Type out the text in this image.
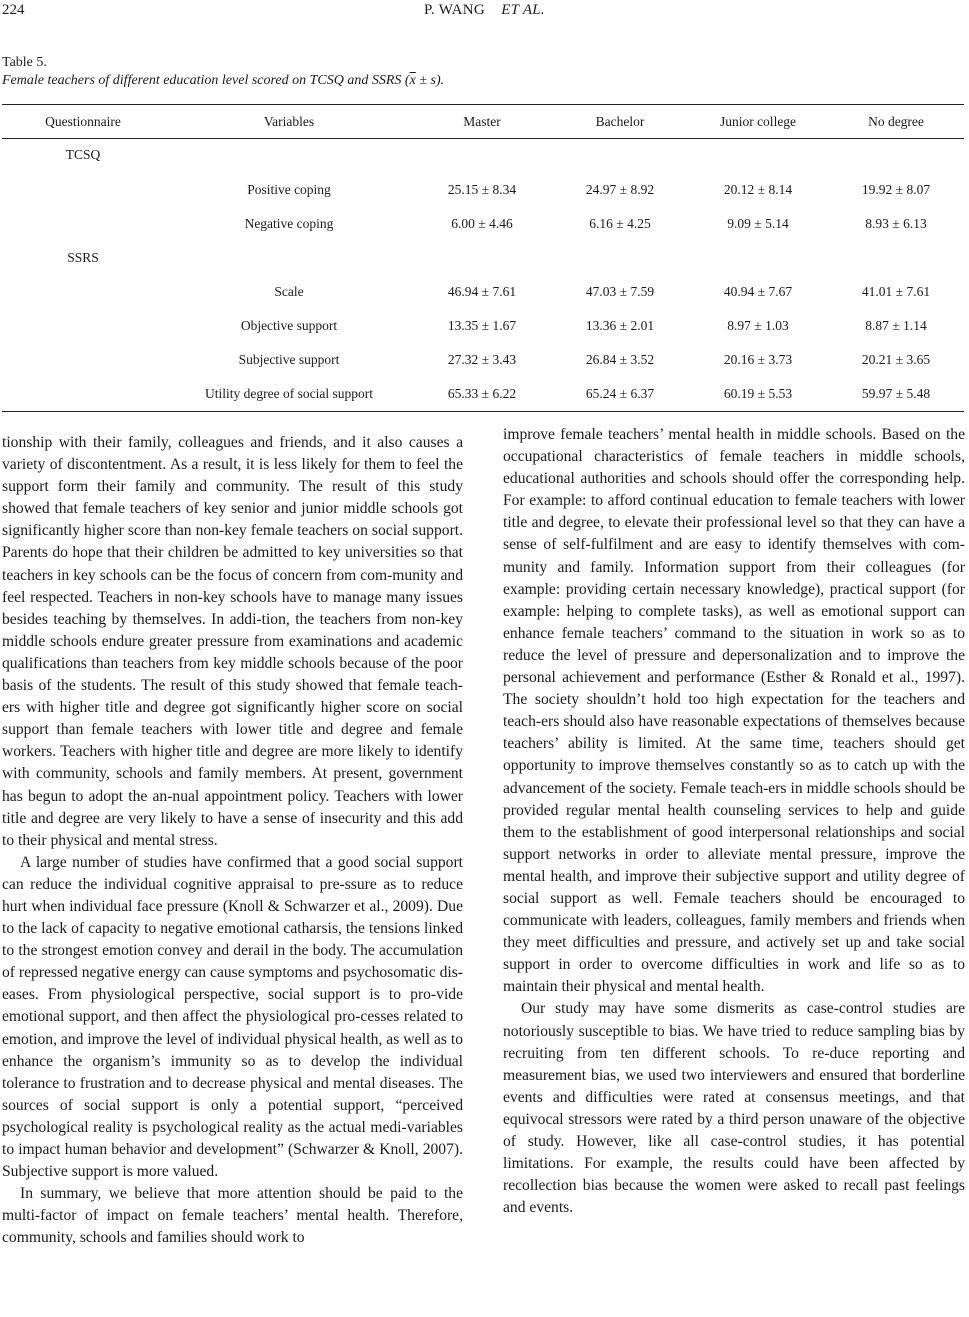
224	P. WANG ET AL.
Table 5.
Female teachers of different education level scored on TCSQ and SSRS $(\overline{x} \pm s)$.
Questionnaire	Variables	Master	Bachelor	Junior college	No degree
TCSQ
Positive coping	25.15 ± 8.34	24.97 ± 8.92	20.12 ± 8.14	19.92 ± 8.07
Negative coping	6.00 ± 4.46	6.16 ± 4.25	9.09 ± 5.14	8.93 ± 6.13
SSRS
Scale	46.94 ± 7.61	47.03 ± 7.59	40.94 ± 7.67	41.01 ± 7.61
Objective support	13.35 ± 1.67	13.36 ± 2.01	8.97 ± 1.03	8.87 ± 1.14
Subjective support	27.32 ± 3.43	26.84 ± 3.52	20.16 ± 3.73	20.21 ± 3.65
Utility degree of social support	65.33 ± 6.22	65.24 ± 6.37	60.19 ± 5.53	59.97 ± 5.48

tionship with their family, colleagues and friends, and it also causes a variety of discontentment. As a result, it is less likely for them to feel the support form their family and community. The result of this study showed that female teachers of key senior and junior middle schools got significantly higher score than non-key female teachers on social support. Parents do hope that their children be admitted to key universities so that teachers in key schools can be the focus of concern from com-munity and feel respected. Teachers in non-key schools have to manage many issues besides teaching by themselves. In addi-tion, the teachers from non-key middle schools endure greater pressure from examinations and academic qualifications than teachers from key middle schools because of the poor basis of the students. The result of this study showed that female teach-ers with higher title and degree got significantly higher score on social support than female teachers with lower title and degree and female workers. Teachers with higher title and degree are more likely to identify with community, schools and family members. At present, government has begun to adopt the an-nual appointment policy. Teachers with lower title and degree are very likely to have a sense of insecurity and this add to their physical and mental stress.

A large number of studies have confirmed that a good social support can reduce the individual cognitive appraisal to pre-ssure as to reduce hurt when individual face pressure (Knoll & Schwarzer et al., 2009). Due to the lack of capacity to negative emotional catharsis, the tensions linked to the strongest emotion convey and derail in the body. The accumulation of repressed negative energy can cause symptoms and psychosomatic dis-eases. From physiological perspective, social support is to pro-vide emotional support, and then affect the physiological pro-cesses related to emotion, and improve the level of individual physical health, as well as to enhance the organism’s immunity so as to develop the individual tolerance to frustration and to decrease physical and mental diseases. The sources of social support is only a potential support, “perceived psychological reality is psychological reality as the actual medi-variables to impact human behavior and development” (Schwarzer & Knoll, 2007). Subjective support is more valued.

In summary, we believe that more attention should be paid to the multi-factor of impact on female teachers’ mental health. Therefore, community, schools and families should work to

improve female teachers’ mental health in middle schools. Based on the occupational characteristics of female teachers in middle schools, educational authorities and schools should offer the corresponding help. For example: to afford continual education to female teachers with lower title and degree, to elevate their professional level so that they can have a sense of self-fulfilment and are easy to identify themselves with com-munity and family. Information support from their colleagues (for example: providing certain necessary knowledge), practical support (for example: helping to complete tasks), as well as emotional support can enhance female teachers’ command to the situation in work so as to reduce the level of pressure and depersonalization and to improve the personal achievement and performance (Esther & Ronald et al., 1997). The society shouldn’t hold too high expectation for the teachers and teach-ers should also have reasonable expectations of themselves because teachers’ ability is limited. At the same time, teachers should get opportunity to improve themselves constantly so as to catch up with the advancement of the society. Female teach-ers in middle schools should be provided regular mental health counseling services to help and guide them to the establishment of good interpersonal relationships and social support networks in order to alleviate mental pressure, improve the mental health, and improve their subjective support and utility degree of social support as well. Female teachers should be encouraged to communicate with leaders, colleagues, family members and friends when they meet difficulties and pressure, and actively set up and take social support in order to overcome difficulties in work and life so as to maintain their physical and mental health.

Our study may have some dismerits as case-control studies are notoriously susceptible to bias. We have tried to reduce sampling bias by recruiting from ten different schools. To re-duce reporting and measurement bias, we used two interviewers and ensured that borderline events and difficulties were rated at consensus meetings, and that equivocal stressors were rated by a third person unaware of the objective of study. However, like all case-control studies, it has potential limitations. For example, the results could have been affected by recollection bias because the women were asked to recall past feelings and events.
